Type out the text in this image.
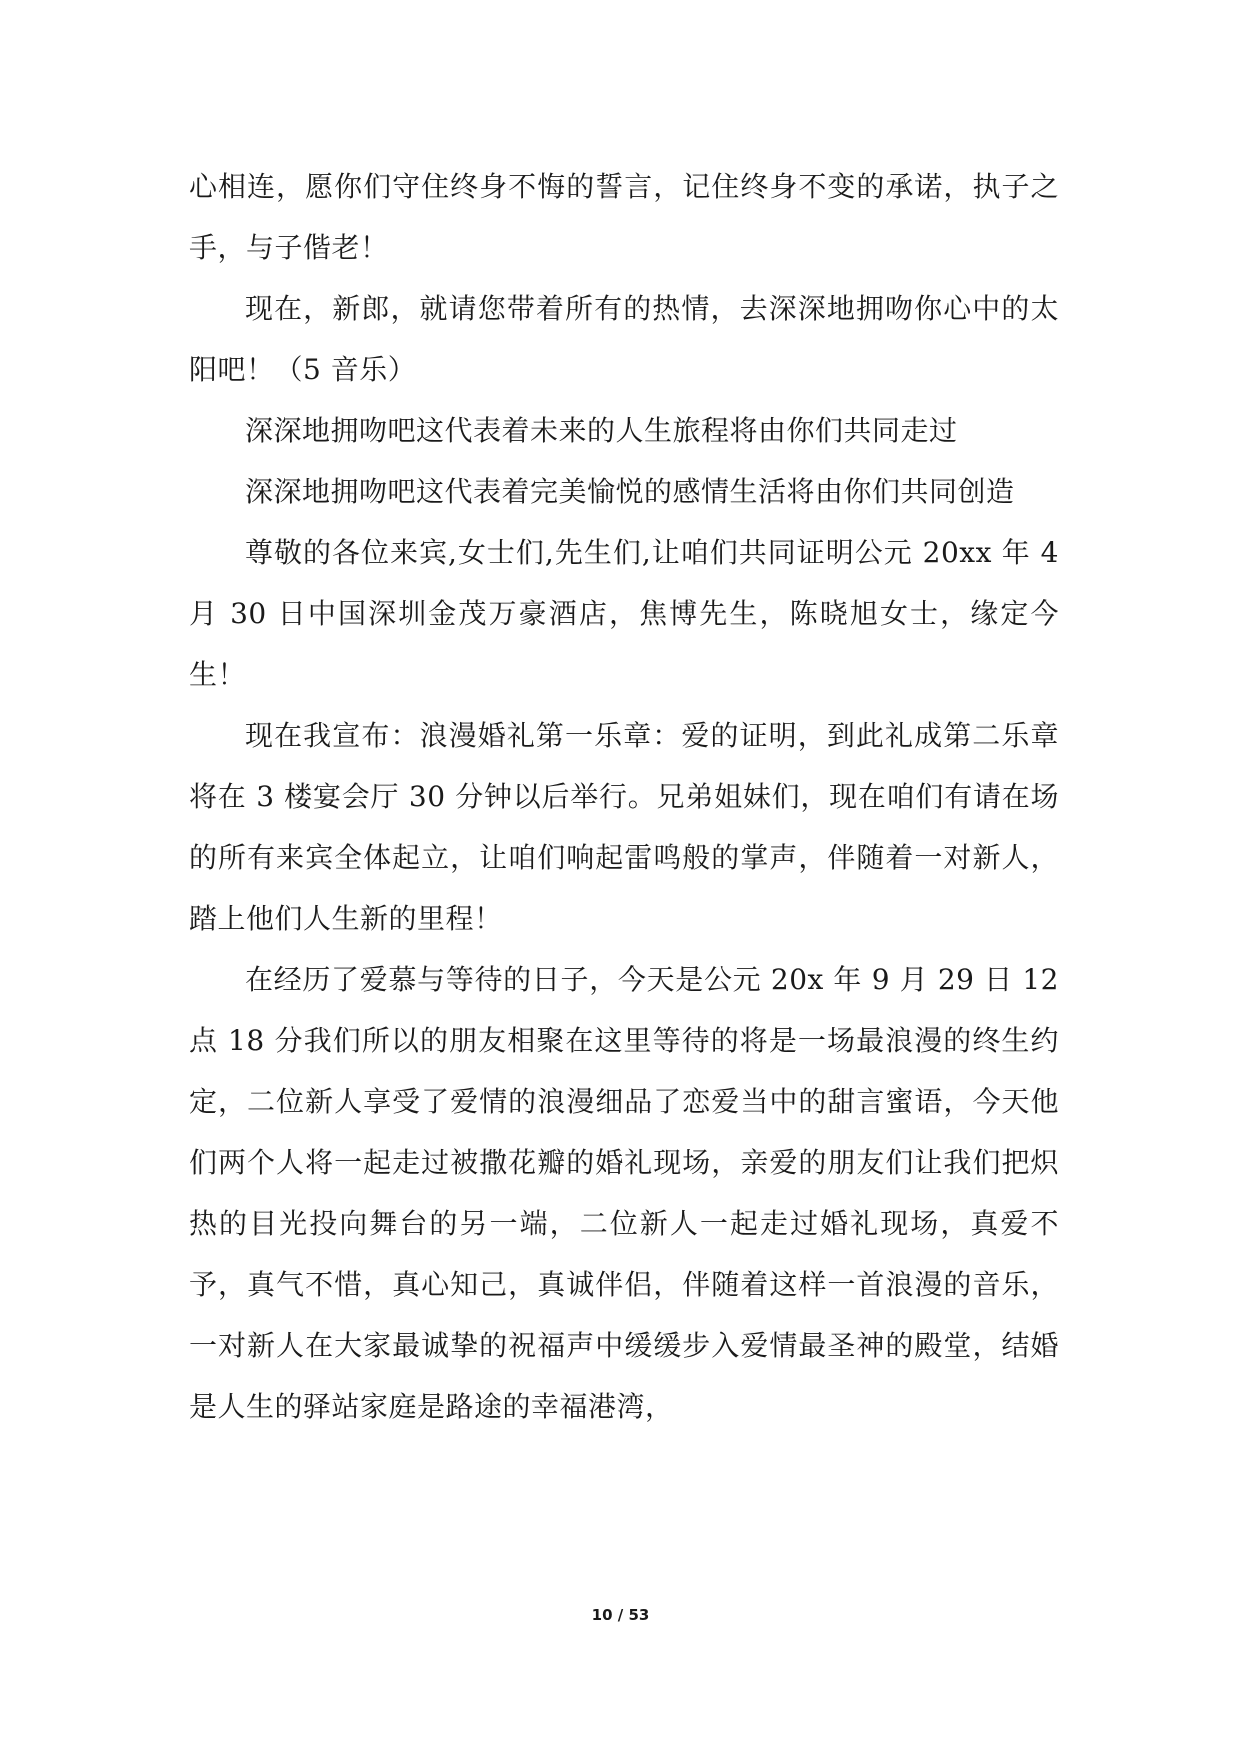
心相连，愿你们守住终身不悔的誓言，记住终身不变的承诺，执子之手，与子偕老！

现在，新郎，就请您带着所有的热情，去深深地拥吻你心中的太阳吧！（5 音乐）

深深地拥吻吧这代表着未来的人生旅程将由你们共同走过

深深地拥吻吧这代表着完美愉悦的感情生活将由你们共同创造

尊敬的各位来宾,女士们,先生们,让咱们共同证明公元 20xx 年 4 月 30 日中国深圳金茂万豪酒店，焦博先生，陈晓旭女士，缘定今生！

现在我宣布：浪漫婚礼第一乐章：爱的证明，到此礼成第二乐章将在 3 楼宴会厅 30 分钟以后举行。兄弟姐妹们，现在咱们有请在场的所有来宾全体起立，让咱们响起雷鸣般的掌声，伴随着一对新人，踏上他们人生新的里程！

在经历了爱慕与等待的日子，今天是公元 20x 年 9 月 29 日 12 点 18 分我们所以的朋友相聚在这里等待的将是一场最浪漫的终生约定，二位新人享受了爱情的浪漫细品了恋爱当中的甜言蜜语，今天他们两个人将一起走过被撒花瓣的婚礼现场，亲爱的朋友们让我们把炽热的目光投向舞台的另一端，二位新人一起走过婚礼现场，真爱不予，真气不惜，真心知己，真诚伴侣，伴随着这样一首浪漫的音乐，一对新人在大家最诚挚的祝福声中缓缓步入爱情最圣神的殿堂，结婚是人生的驿站家庭是路途的幸福港湾，

10 / 53
